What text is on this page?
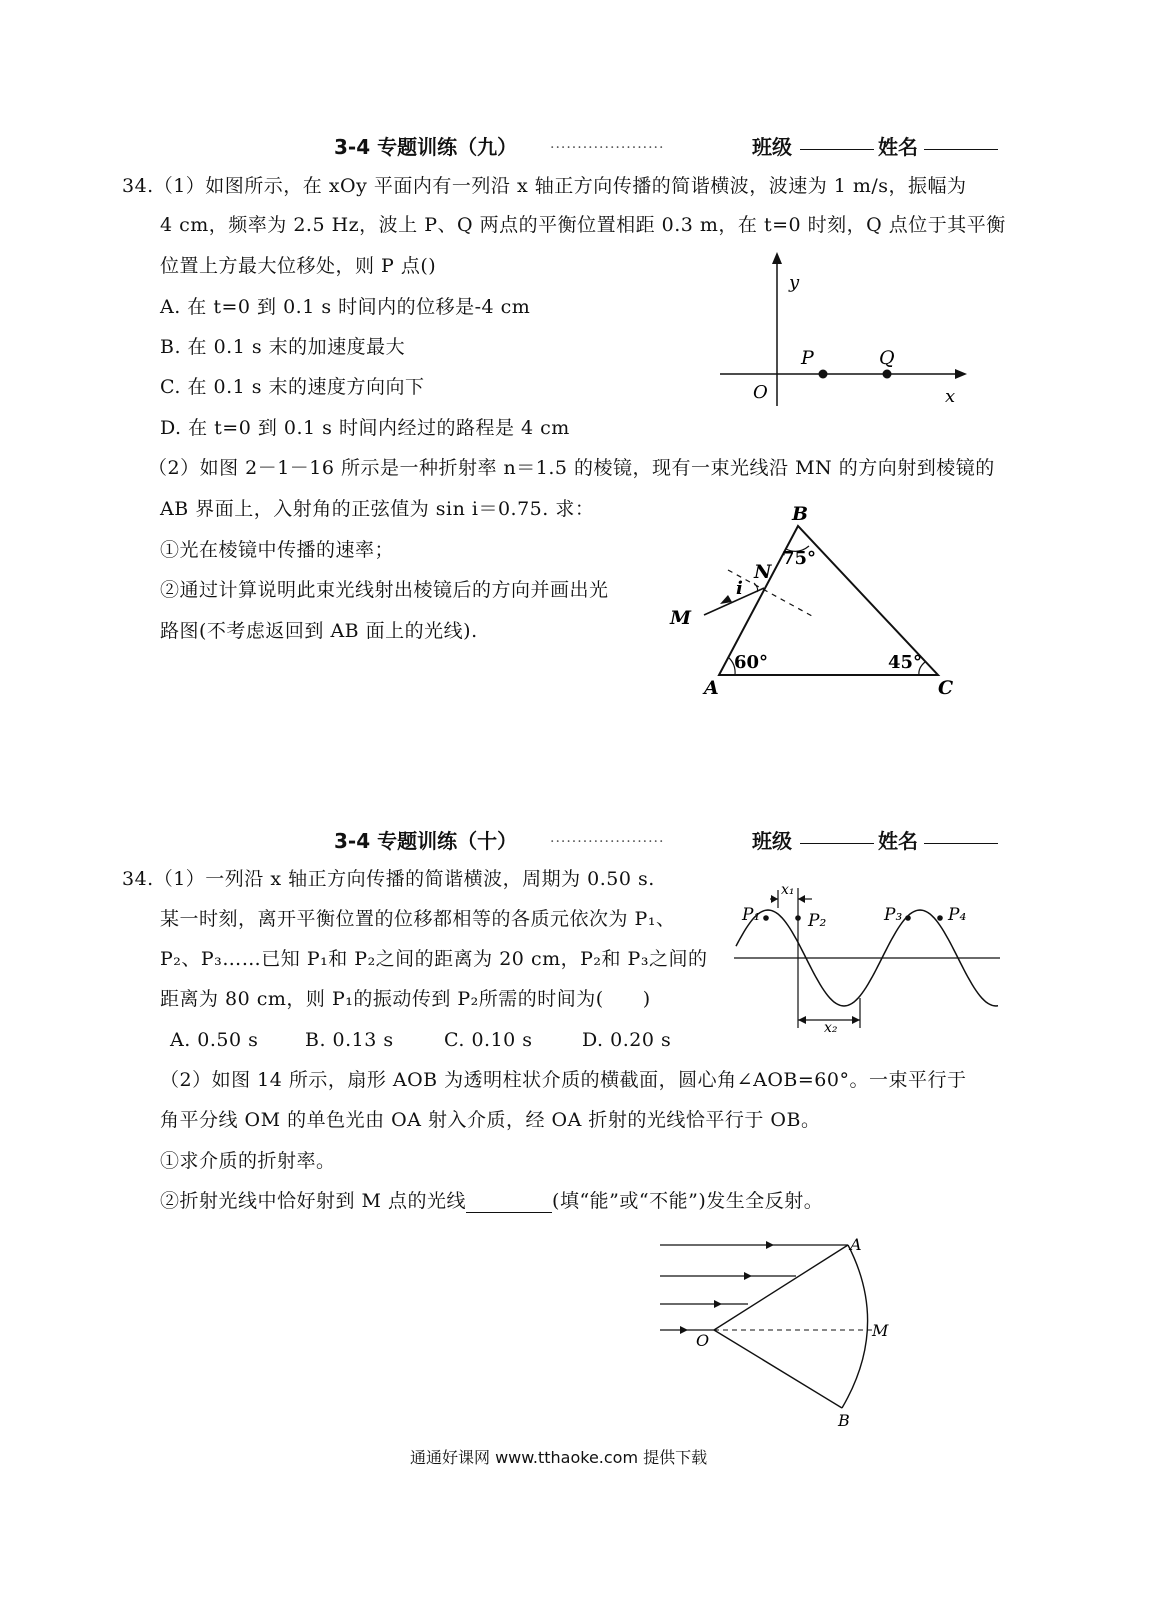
3-4 专题训练（九） .....................	班级	姓名
34.（1）如图所示，在 xOy 平面内有一列沿 x 轴正方向传播的简谐横波，波速为 1 m/s，振幅为
4 cm，频率为 2.5 Hz，波上 P、Q 两点的平衡位置相距 0.3 m，在 t=0 时刻，Q 点位于其平衡
位置上方最大位移处，则 P 点()
A. 在 t=0 到 0.1 s 时间内的位移是-4 cm
B. 在 0.1 s 末的加速度最大
C. 在 0.1 s 末的速度方向向下
D. 在 t=0 到 0.1 s 时间内经过的路程是 4 cm
（2）如图 2－1－16 所示是一种折射率 n＝1.5 的棱镜，现有一束光线沿 MN 的方向射到棱镜的
AB 界面上，入射角的正弦值为 sin i＝0.75. 求：
①光在棱镜中传播的速率；
②通过计算说明此束光线射出棱镜后的方向并画出光
路图(不考虑返回到 AB 面上的光线).
y
O	x
P	Q
B
A	C
N
M
i
75°
60°	45°
3-4 专题训练（十） .....................	班级	姓名
34.（1）一列沿 x 轴正方向传播的简谐横波，周期为 0.50 s.
某一时刻，离开平衡位置的位移都相等的各质元依次为 P₁、
P₂、P₃……已知 P₁和 P₂之间的距离为 20 cm，P₂和 P₃之间的
距离为 80 cm，则 P₁的振动传到 P₂所需的时间为(　　)
A. 0.50 s B. 0.13 s	C. 0.10 s	D. 0.20 s
（2）如图 14 所示，扇形 AOB 为透明柱状介质的横截面，圆心角∠AOB=60°。一束平行于
角平分线 OM 的单色光由 OA 射入介质，经 OA 折射的光线恰平行于 OB。
①求介质的折射率。
②折射光线中恰好射到 M 点的光线	(填“能”或“不能”)发生全反射。
P₁	P₂	P₃	P₄
x₁
x₂
A
O
M
B
通通好课网 www.tthaoke.com 提供下载
